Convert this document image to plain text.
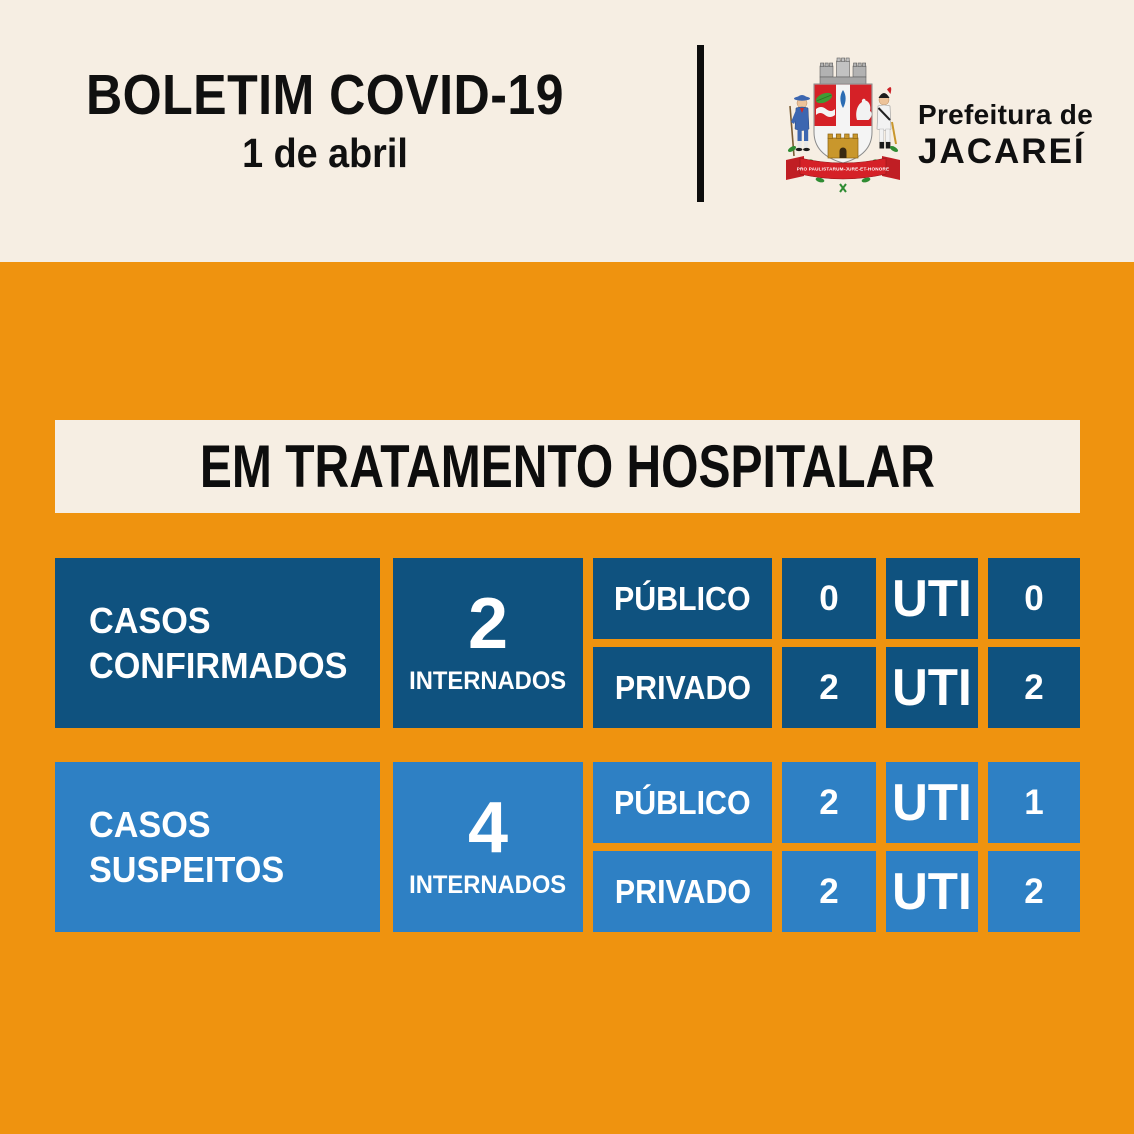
BOLETIM COVID-19
1 de abril	PRO PAULISTARUM-JURE-ET-HONORE
Prefeitura de
JACAREÍ
EM TRATAMENTO HOSPITALAR
CASOS
CONFIRMADOS
2
INTERNADOS
PÚBLICO 0 UTI 0
PRIVADO 2 UTI 2
CASOS
SUSPEITOS
4
INTERNADOS
PÚBLICO 2 UTI 1
PRIVADO 2 UTI 2
